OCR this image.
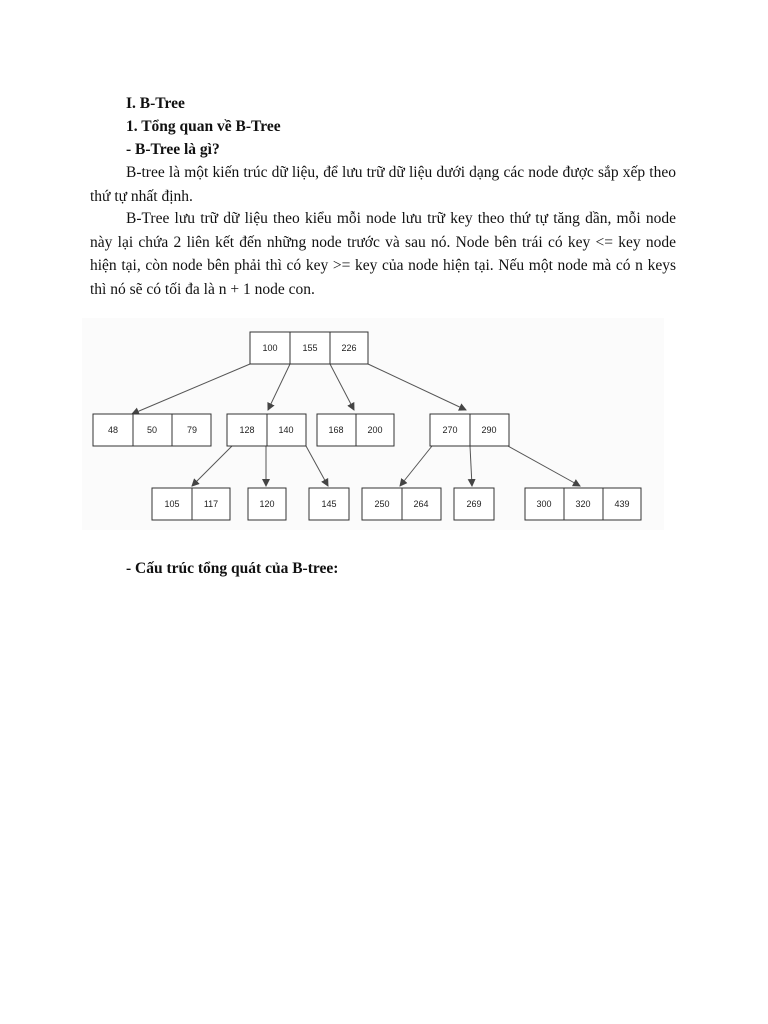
I. B-Tree
1. Tổng quan về B-Tree
- B-Tree là gì?
B-tree là một kiến trúc dữ liệu, để lưu trữ dữ liệu dưới dạng các node được sắp xếp theo thứ tự nhất định.
B-Tree lưu trữ dữ liệu theo kiểu mỗi node lưu trữ key theo thứ tự tăng dần, mỗi node này lại chứa 2 liên kết đến những node trước và sau nó. Node bên trái có key <= key node hiện tại, còn node bên phải thì có key >= key của node hiện tại. Nếu một node mà có n keys thì nó sẽ có tối đa là n + 1 node con.
100	155	226
48	50	79	128	140	168	200	270	290
105	117	120	145	250	264	269	300	320	439
- Cấu trúc tổng quát của B-tree:
